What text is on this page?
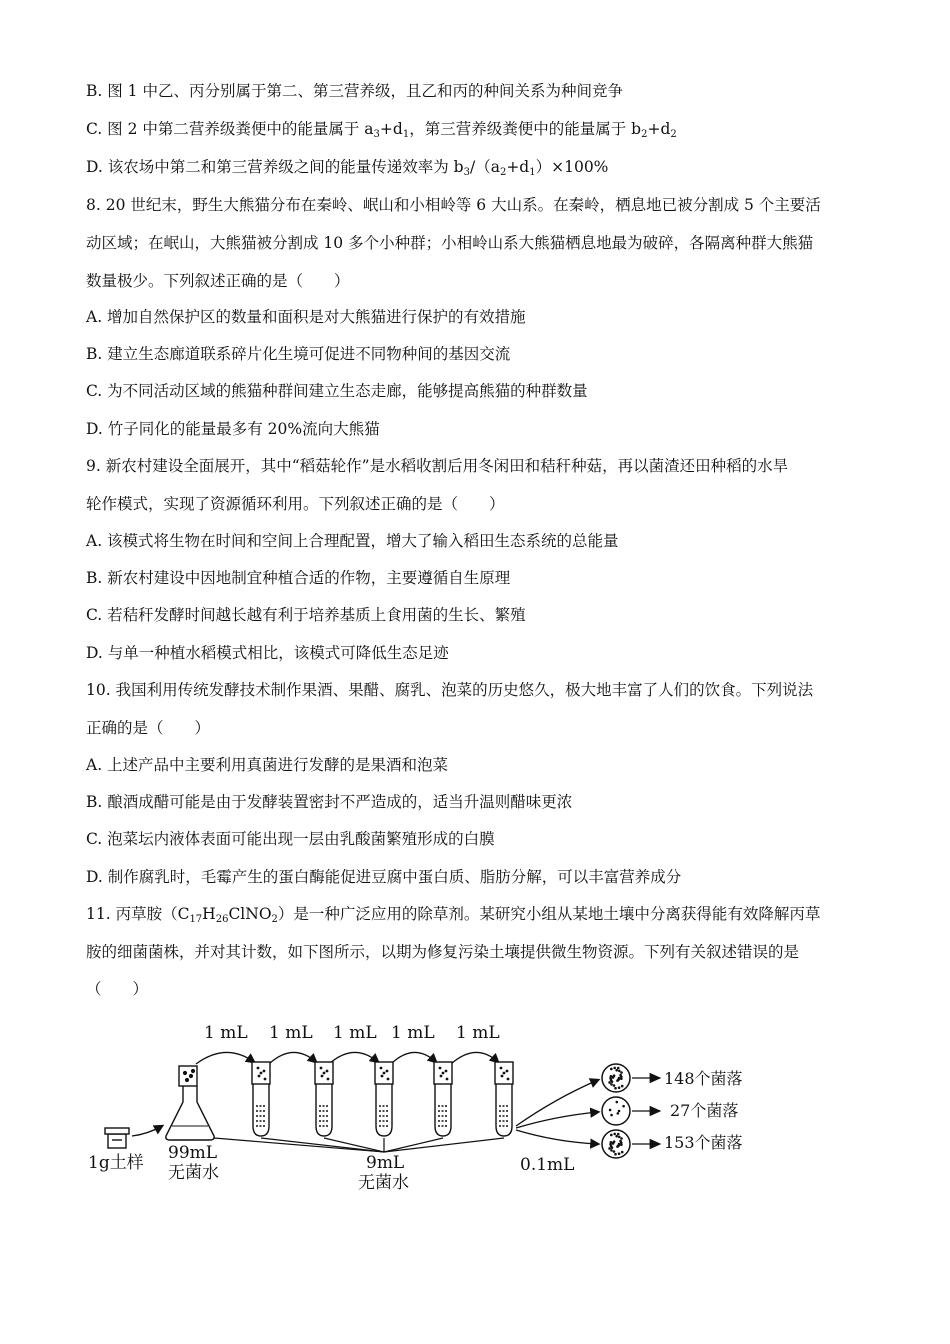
B. 图 1 中乙、丙分别属于第二、第三营养级，且乙和丙的种间关系为种间竞争
C. 图 2 中第二营养级粪便中的能量属于 $a_3+d_1$，第三营养级粪便中的能量属于 $b_2+d_2$
D. 该农场中第二和第三营养级之间的能量传递效率为 $b_3/(a_2+d_1)\times 100\%$
8. 20 世纪末，野生大熊猫分布在秦岭、岷山和小相岭等 6 大山系。在秦岭，栖息地已被分割成 5 个主要活
动区域；在岷山，大熊猫被分割成 10 多个小种群；小相岭山系大熊猫栖息地最为破碎，各隔离种群大熊猫
数量极少。下列叙述正确的是（　　）
A. 增加自然保护区的数量和面积是对大熊猫进行保护的有效措施
B. 建立生态廊道联系碎片化生境可促进不同物种间的基因交流
C. 为不同活动区域的熊猫种群间建立生态走廊，能够提高熊猫的种群数量
D. 竹子同化的能量最多有 20%流向大熊猫
9. 新农村建设全面展开，其中“稻菇轮作”是水稻收割后用冬闲田和秸秆种菇，再以菌渣还田种稻的水旱
轮作模式，实现了资源循环利用。下列叙述正确的是（　　）
A. 该模式将生物在时间和空间上合理配置，增大了输入稻田生态系统的总能量
B. 新农村建设中因地制宜种植合适的作物，主要遵循自生原理
C. 若秸秆发酵时间越长越有利于培养基质上食用菌的生长、繁殖
D. 与单一种植水稻模式相比，该模式可降低生态足迹
10. 我国利用传统发酵技术制作果酒、果醋、腐乳、泡菜的历史悠久，极大地丰富了人们的饮食。下列说法
正确的是（　　）
A. 上述产品中主要利用真菌进行发酵的是果酒和泡菜
B. 酿酒成醋可能是由于发酵装置密封不严造成的，适当升温则醋味更浓
C. 泡菜坛内液体表面可能出现一层由乳酸菌繁殖形成的白膜
D. 制作腐乳时，毛霉产生的蛋白酶能促进豆腐中蛋白质、脂肪分解，可以丰富营养成分
11. 丙草胺$(C_{17}H_{26}ClNO_2)$是一种广泛应用的除草剂。某研究小组从某地土壤中分离获得能有效降解丙草
胺的细菌菌株，并对其计数，如下图所示，以期为修复污染土壤提供微生物资源。下列有关叙述错误的是
（　　）
1 mL 1 mL 1 mL 1 mL 1 mL
1g土样 99mL
无菌水	9mL
无菌水
0.1mL
148个菌落
27个菌落
153个菌落
